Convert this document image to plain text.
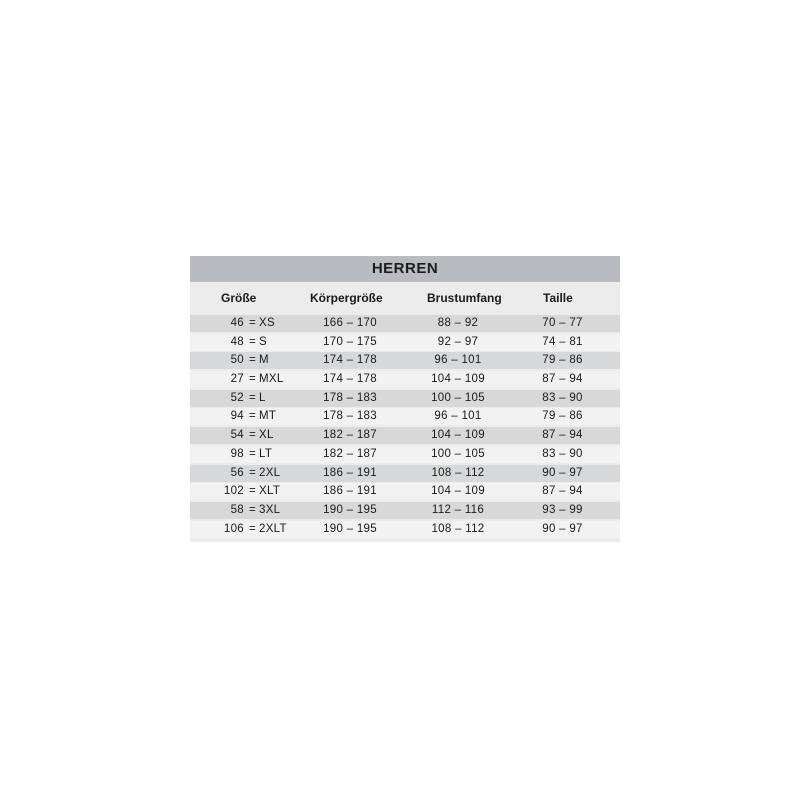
HERREN
Größe	Körpergröße	Brustumfang	Taille
46 = XS	166 – 170	88 – 92	70 – 77
48 = S	170 – 175	92 – 97	74 – 81
50 = M	174 – 178	96 – 101	79 – 86
27 = MXL	174 – 178	104 – 109	87 – 94
52 = L	178 – 183	100 – 105	83 – 90
94 = MT	178 – 183	96 – 101	79 – 86
54 = XL	182 – 187	104 – 109	87 – 94
98 = LT	182 – 187	100 – 105	83 – 90
56 = 2XL	186 – 191	108 – 112	90 – 97
102 = XLT	186 – 191	104 – 109	87 – 94
58 = 3XL	190 – 195	112 – 116	93 – 99
106 = 2XLT	190 – 195	108 – 112	90 – 97
